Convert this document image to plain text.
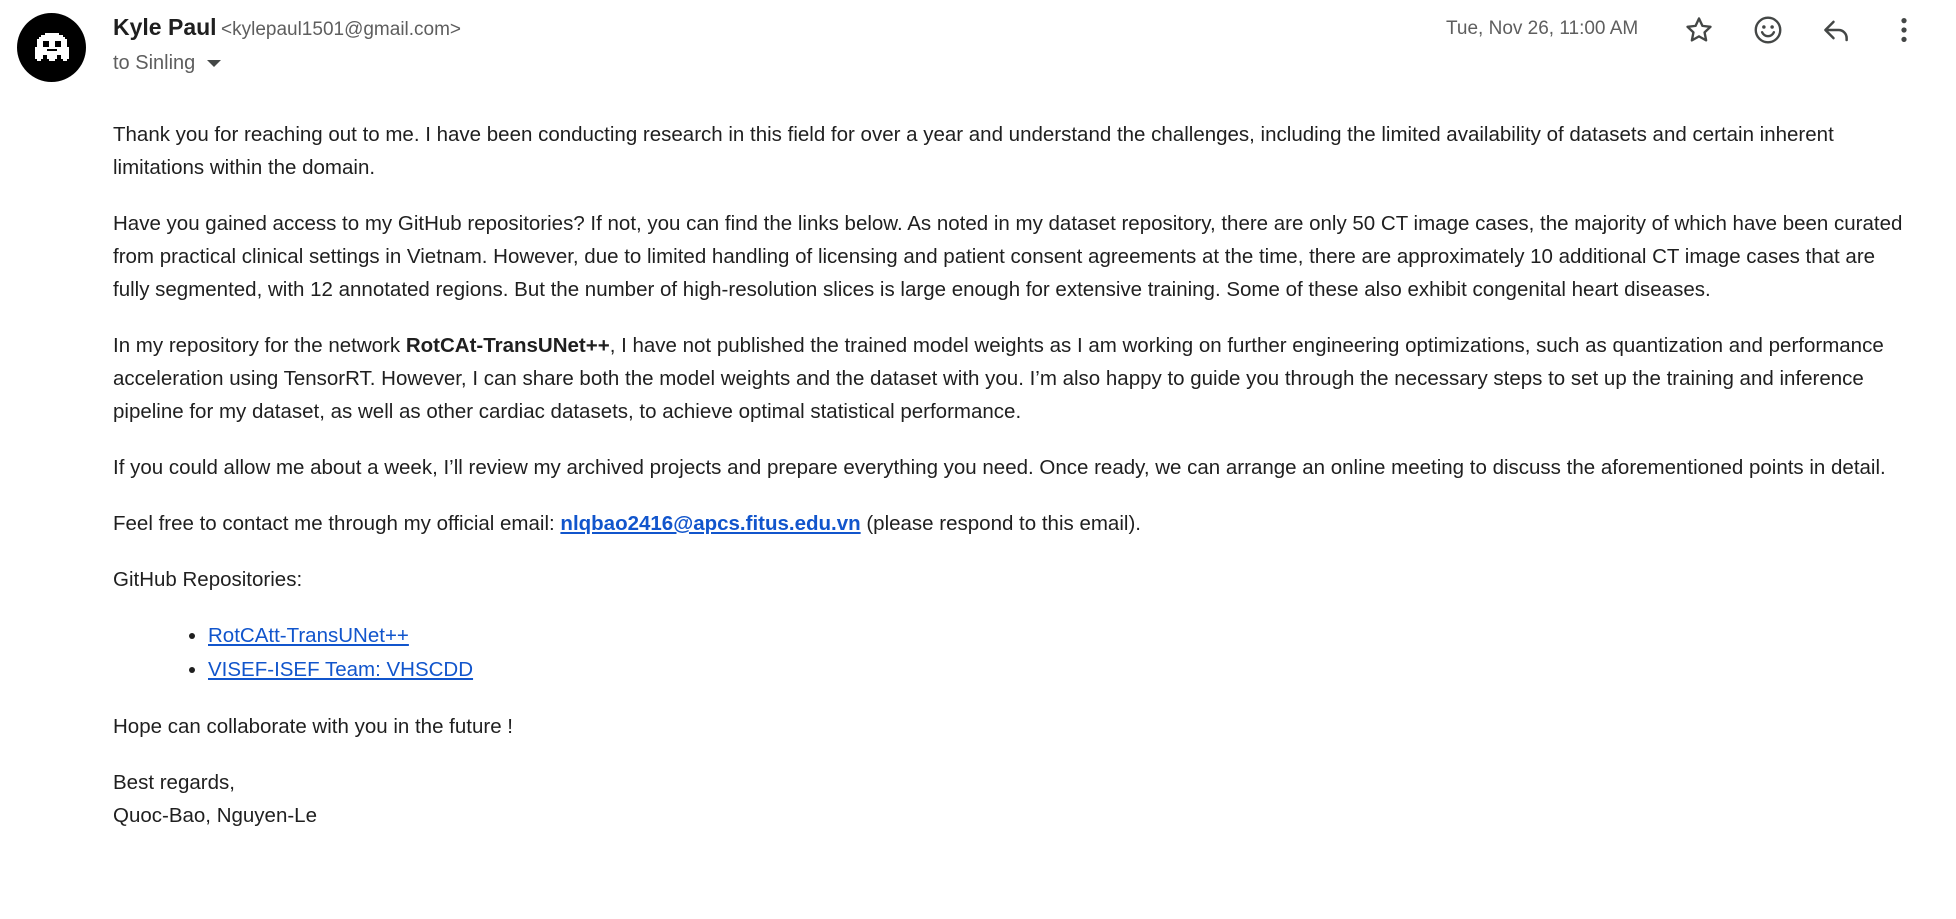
Kyle Paul <kylepaul1501@gmail.com>
to Sinling
Tue, Nov 26, 11:00 AM

Thank you for reaching out to me. I have been conducting research in this field for over a year and understand the challenges, including the limited availability of datasets and certain inherent limitations within the domain.

Have you gained access to my GitHub repositories? If not, you can find the links below. As noted in my dataset repository, there are only 50 CT image cases, the majority of which have been curated from practical clinical settings in Vietnam. However, due to limited handling of licensing and patient consent agreements at the time, there are approximately 10 additional CT image cases that are fully segmented, with 12 annotated regions. But the number of high-resolution slices is large enough for extensive training. Some of these also exhibit congenital heart diseases.

In my repository for the network RotCAt-TransUNet++, I have not published the trained model weights as I am working on further engineering optimizations, such as quantization and performance acceleration using TensorRT. However, I can share both the model weights and the dataset with you. I’m also happy to guide you through the necessary steps to set up the training and inference pipeline for my dataset, as well as other cardiac datasets, to achieve optimal statistical performance.

If you could allow me about a week, I’ll review my archived projects and prepare everything you need. Once ready, we can arrange an online meeting to discuss the aforementioned points in detail.

Feel free to contact me through my official email: nlqbao2416@apcs.fitus.edu.vn (please respond to this email).

GitHub Repositories:

• RotCAtt-TransUNet++
• VISEF-ISEF Team: VHSCDD

Hope can collaborate with you in the future !

Best regards,
Quoc-Bao, Nguyen-Le
